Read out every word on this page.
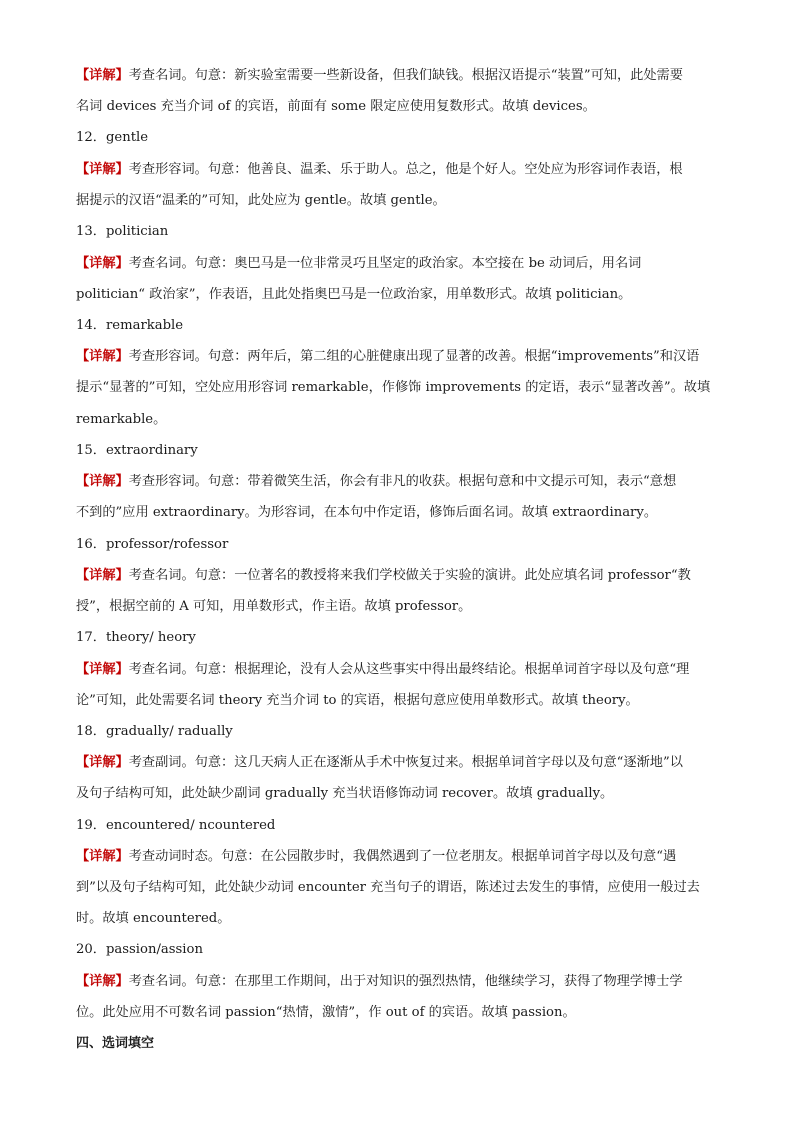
【详解】考查名词。句意：新实验室需要一些新设备，但我们缺钱。根据汉语提示“装置”可知，此处需要
名词 devices 充当介词 of 的宾语，前面有 some 限定应使用复数形式。故填 devices。
12．gentle
【详解】考查形容词。句意：他善良、温柔、乐于助人。总之，他是个好人。空处应为形容词作表语，根
据提示的汉语“温柔的”可知，此处应为 gentle。故填 gentle。
13．politician
【详解】考查名词。句意：奥巴马是一位非常灵巧且坚定的政治家。本空接在 be 动词后，用名词
politician“ 政治家”，作表语，且此处指奥巴马是一位政治家，用单数形式。故填 politician。
14．remarkable
【详解】考查形容词。句意：两年后，第二组的心脏健康出现了显著的改善。根据“improvements”和汉语
提示“显著的”可知，空处应用形容词 remarkable，作修饰 improvements 的定语，表示“显著改善”。故填
remarkable。
15．extraordinary
【详解】考查形容词。句意：带着微笑生活，你会有非凡的收获。根据句意和中文提示可知，表示“意想
不到的”应用 extraordinary。为形容词，在本句中作定语，修饰后面名词。故填 extraordinary。
16．professor/rofessor
【详解】考查名词。句意：一位著名的教授将来我们学校做关于实验的演讲。此处应填名词 professor“教
授”，根据空前的 A 可知，用单数形式，作主语。故填 professor。
17．theory/ heory
【详解】考查名词。句意：根据理论，没有人会从这些事实中得出最终结论。根据单词首字母以及句意“理
论”可知，此处需要名词 theory 充当介词 to 的宾语，根据句意应使用单数形式。故填 theory。
18．gradually/ radually
【详解】考查副词。句意：这几天病人正在逐渐从手术中恢复过来。根据单词首字母以及句意“逐渐地”以
及句子结构可知，此处缺少副词 gradually 充当状语修饰动词 recover。故填 gradually。
19．encountered/ ncountered
【详解】考查动词时态。句意：在公园散步时，我偶然遇到了一位老朋友。根据单词首字母以及句意“遇
到”以及句子结构可知，此处缺少动词 encounter 充当句子的谓语，陈述过去发生的事情，应使用一般过去
时。故填 encountered。
20．passion/assion
【详解】考查名词。句意：在那里工作期间，出于对知识的强烈热情，他继续学习，获得了物理学博士学
位。此处应用不可数名词 passion“热情，激情”，作 out of 的宾语。故填 passion。
四、选词填空
